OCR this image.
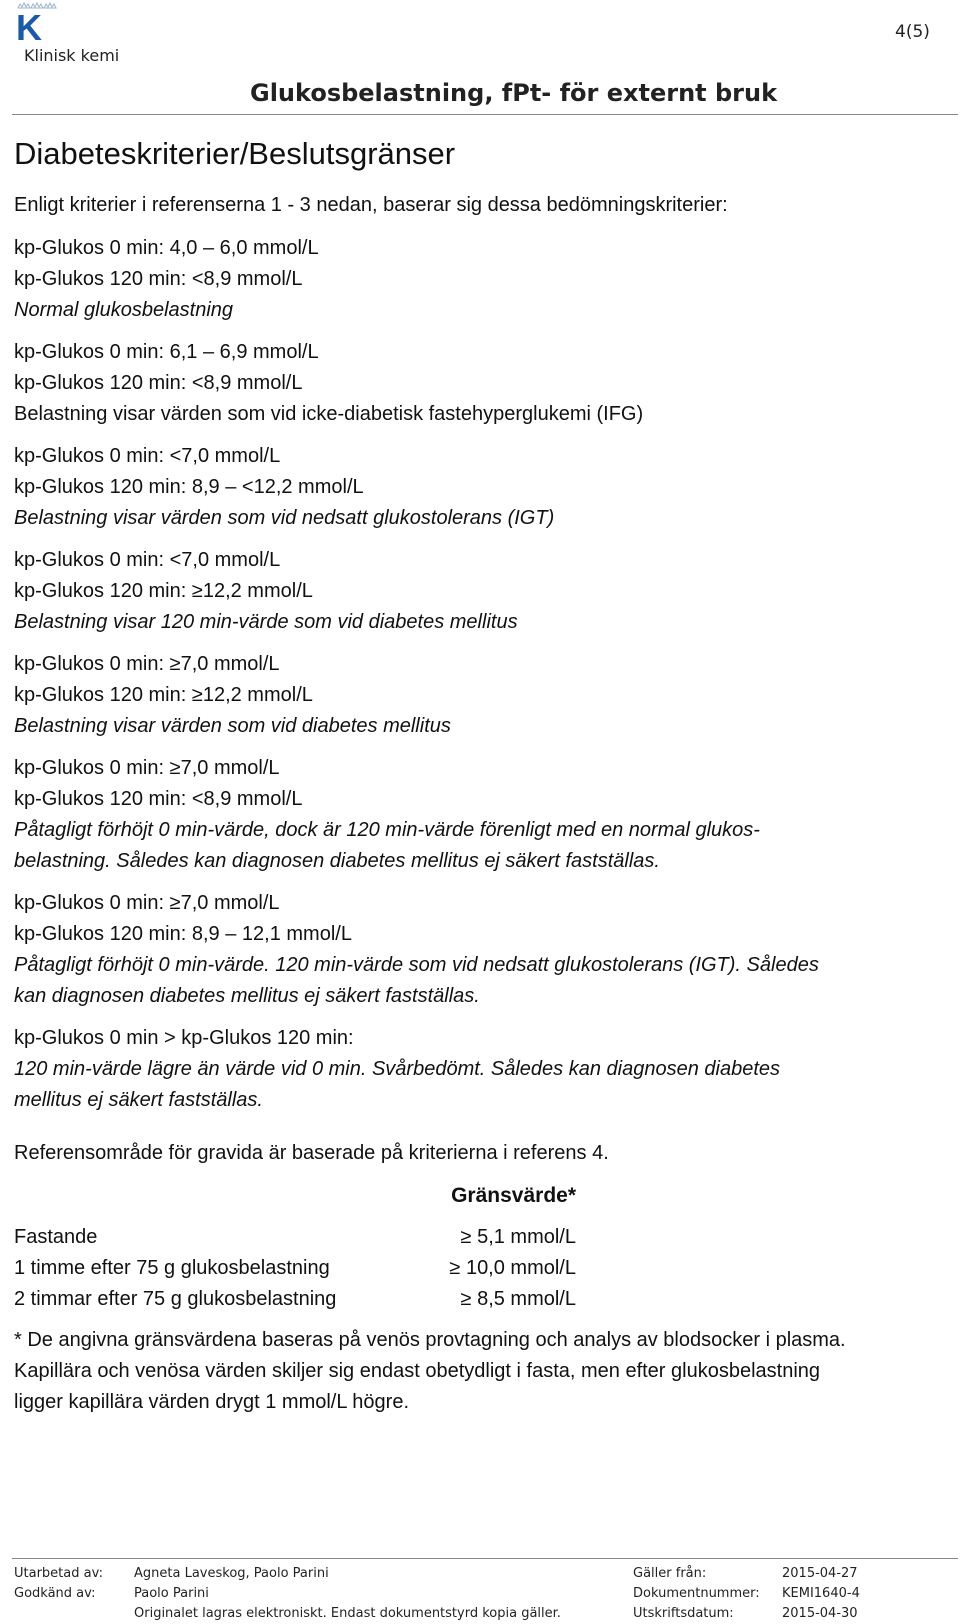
K
Klinisk kemi
4(5)
Glukosbelastning, fPt- för externt bruk
Diabeteskriterier/Beslutsgränser

Enligt kriterier i referenserna 1 - 3 nedan, baserar sig dessa bedömningskriterier:

kp-Glukos 0 min: 4,0 – 6,0 mmol/L

kp-Glukos 120 min: <8,9 mmol/L

Normal glukosbelastning

kp-Glukos 0 min: 6,1 – 6,9 mmol/L

kp-Glukos 120 min: <8,9 mmol/L

Belastning visar värden som vid icke-diabetisk fastehyperglukemi (IFG)

kp-Glukos 0 min: <7,0 mmol/L

kp-Glukos 120 min: 8,9 – <12,2 mmol/L

Belastning visar värden som vid nedsatt glukostolerans (IGT)

kp-Glukos 0 min: <7,0 mmol/L

kp-Glukos 120 min: ≥12,2 mmol/L

Belastning visar 120 min-värde som vid diabetes mellitus

kp-Glukos 0 min: ≥7,0 mmol/L

kp-Glukos 120 min: ≥12,2 mmol/L

Belastning visar värden som vid diabetes mellitus

kp-Glukos 0 min: ≥7,0 mmol/L

kp-Glukos 120 min: <8,9 mmol/L

Påtagligt förhöjt 0 min-värde, dock är 120 min-värde förenligt med en normal glukos-

belastning. Således kan diagnosen diabetes mellitus ej säkert fastställas.

kp-Glukos 0 min: ≥7,0 mmol/L

kp-Glukos 120 min: 8,9 – 12,1 mmol/L

Påtagligt förhöjt 0 min-värde. 120 min-värde som vid nedsatt glukostolerans (IGT). Således

kan diagnosen diabetes mellitus ej säkert fastställas.

kp-Glukos 0 min > kp-Glukos 120 min:

120 min-värde lägre än värde vid 0 min. Svårbedömt. Således kan diagnosen diabetes

mellitus ej säkert fastställas.

Referensområde för gravida är baserade på kriterierna i referens 4.

	Gränsvärde*
Fastande	≥ 5,1 mmol/L
1 timme efter 75 g glukosbelastning	≥ 10,0 mmol/L
2 timmar efter 75 g glukosbelastning	≥ 8,5 mmol/L

* De angivna gränsvärdena baseras på venös provtagning och analys av blodsocker i plasma.

Kapillära och venösa värden skiljer sig endast obetydligt i fasta, men efter glukosbelastning

ligger kapillära värden drygt 1 mmol/L högre.

Utarbetad av: Agneta Laveskog, Paolo Parini
Godkänd av:	Paolo Parini
Originalet lagras elektroniskt. Endast dokumentstyrd kopia gäller.
Gäller från:	2015-04-27
Dokumentnummer: KEMI1640-4
Utskriftsdatum:	2015-04-30
